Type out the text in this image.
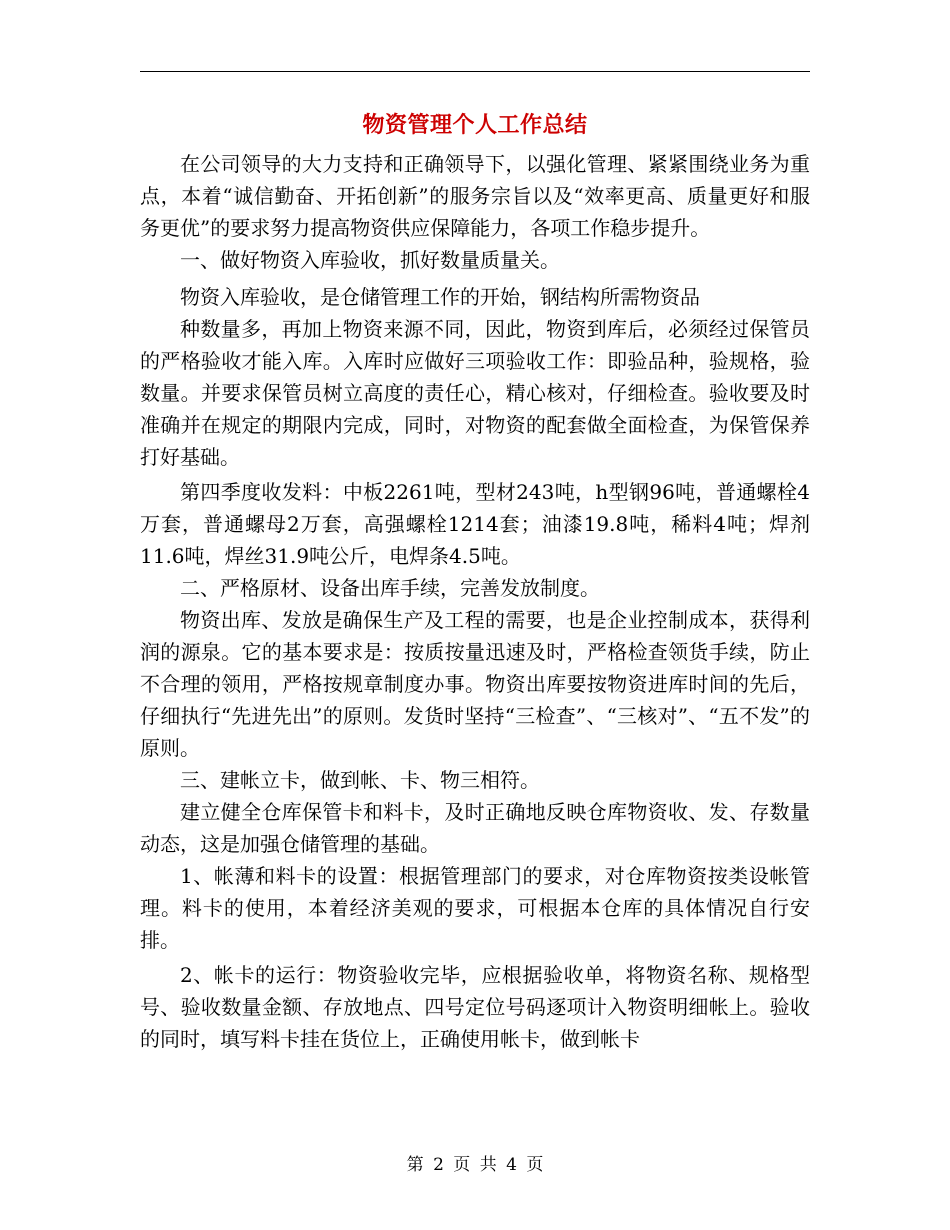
物资管理个人工作总结

在公司领导的大力支持和正确领导下，以强化管理、紧紧围绕业务为重点，本着“诚信勤奋、开拓创新”的服务宗旨以及“效率更高、质量更好和服务更优”的要求努力提高物资供应保障能力，各项工作稳步提升。

一、做好物资入库验收，抓好数量质量关。

物资入库验收，是仓储管理工作的开始，钢结构所需物资品

种数量多，再加上物资来源不同，因此，物资到库后，必须经过保管员的严格验收才能入库。入库时应做好三项验收工作：即验品种，验规格，验数量。并要求保管员树立高度的责任心，精心核对，仔细检查。验收要及时准确并在规定的期限内完成，同时，对物资的配套做全面检查，为保管保养打好基础。

第四季度收发料：中板2261吨，型材243吨，h型钢96吨，普通螺栓4万套，普通螺母2万套，高强螺栓1214套；油漆19.8吨，稀料4吨；焊剂11.6吨，焊丝31.9吨公斤，电焊条4.5吨。

二、严格原材、设备出库手续，完善发放制度。

物资出库、发放是确保生产及工程的需要，也是企业控制成本，获得利润的源泉。它的基本要求是：按质按量迅速及时，严格检查领货手续，防止不合理的领用，严格按规章制度办事。物资出库要按物资进库时间的先后，仔细执行“先进先出”的原则。发货时坚持“三检查”、“三核对”、“五不发”的原则。

三、建帐立卡，做到帐、卡、物三相符。

建立健全仓库保管卡和料卡，及时正确地反映仓库物资收、发、存数量动态，这是加强仓储管理的基础。

1、帐薄和料卡的设置：根据管理部门的要求，对仓库物资按类设帐管理。料卡的使用，本着经济美观的要求，可根据本仓库的具体情况自行安排。

2、帐卡的运行：物资验收完毕，应根据验收单，将物资名称、规格型号、验收数量金额、存放地点、四号定位号码逐项计入物资明细帐上。验收的同时，填写料卡挂在货位上，正确使用帐卡，做到帐卡

第 2 页 共 4 页
